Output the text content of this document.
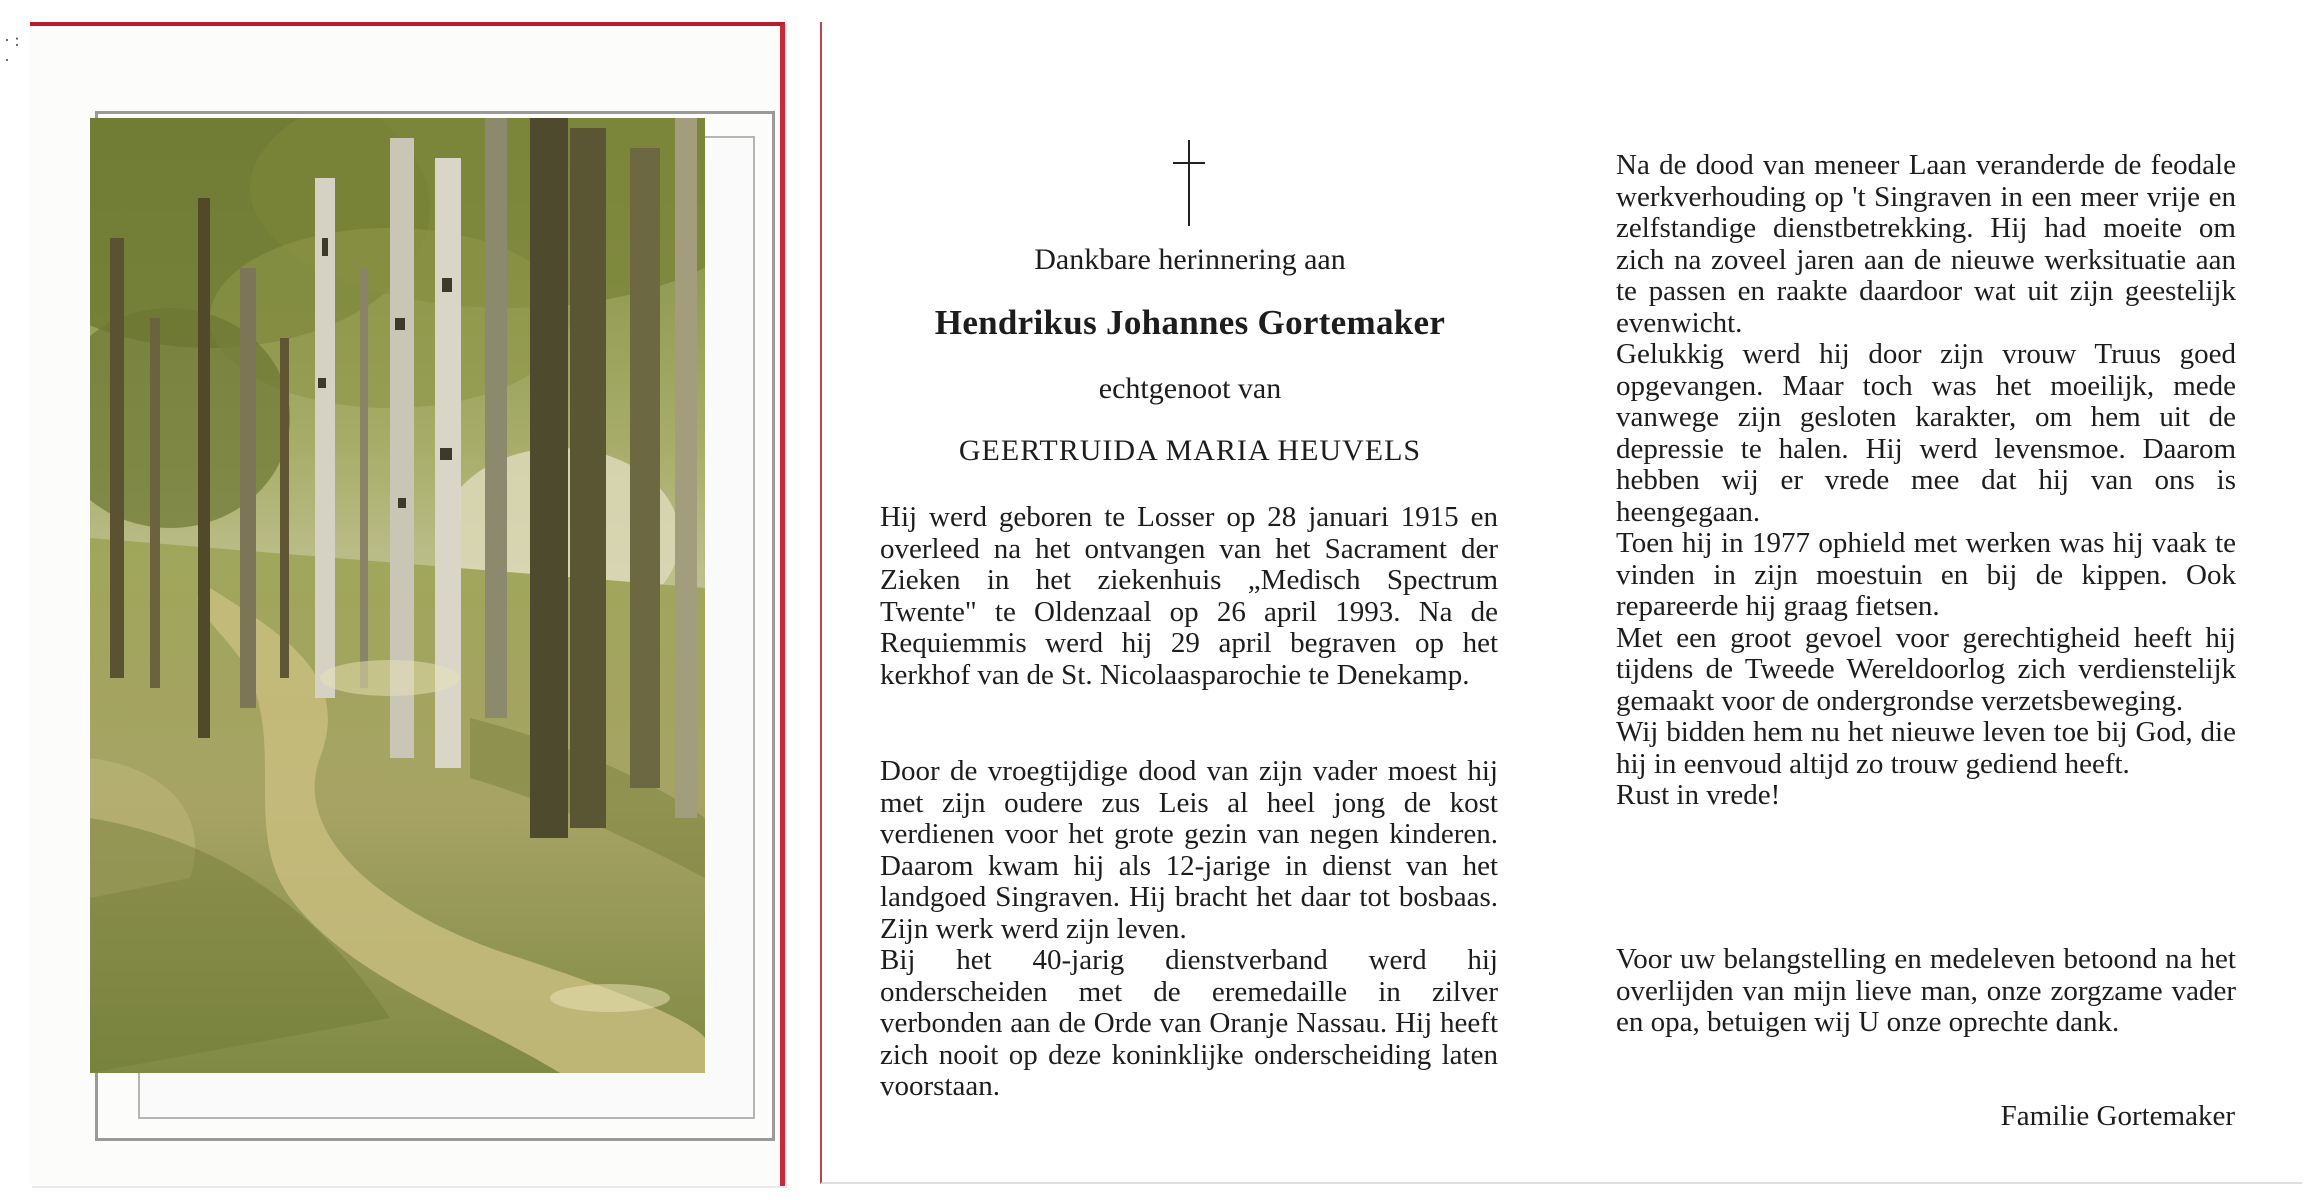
· :
·
Dankbare herinnering aan
Hendrikus Johannes Gortemaker
echtgenoot van
GEERTRUIDA MARIA HEUVELS

Hij werd geboren te Losser op 28 januari 1915 en overleed na het ontvangen van het Sacrament der Zieken in het ziekenhuis „Medisch Spectrum Twente" te Oldenzaal op 26 april 1993. Na de Requiemmis werd hij 29 april begraven op het kerkhof van de St. Nicolaasparochie te Denekamp.

Door de vroegtijdige dood van zijn vader moest hij met zijn oudere zus Leis al heel jong de kost verdienen voor het grote gezin van negen kinderen. Daarom kwam hij als 12-jarige in dienst van het landgoed Singraven. Hij bracht het daar tot bosbaas. Zijn werk werd zijn leven.
Bij het 40-jarig dienstverband werd hij onderscheiden met de eremedaille in zilver verbonden aan de Orde van Oranje Nassau. Hij heeft zich nooit op deze koninklijke onderscheiding laten voorstaan.

Na de dood van meneer Laan veranderde de feodale werkverhouding op 't Singraven in een meer vrije en zelfstandige dienstbetrekking. Hij had moeite om zich na zoveel jaren aan de nieuwe werksituatie aan te passen en raakte daardoor wat uit zijn geestelijk evenwicht.
Gelukkig werd hij door zijn vrouw Truus goed opgevangen. Maar toch was het moeilijk, mede vanwege zijn gesloten karakter, om hem uit de depressie te halen. Hij werd levensmoe. Daarom hebben wij er vrede mee dat hij van ons is heengegaan.
Toen hij in 1977 ophield met werken was hij vaak te vinden in zijn moestuin en bij de kippen. Ook repareerde hij graag fietsen.
Met een groot gevoel voor gerechtigheid heeft hij tijdens de Tweede Wereldoorlog zich verdienstelijk gemaakt voor de ondergrondse verzetsbeweging.
Wij bidden hem nu het nieuwe leven toe bij God, die hij in eenvoud altijd zo trouw gediend heeft.
Rust in vrede!

Voor uw belangstelling en medeleven betoond na het overlijden van mijn lieve man, onze zorgzame vader en opa, betuigen wij U onze oprechte dank.

Familie Gortemaker
